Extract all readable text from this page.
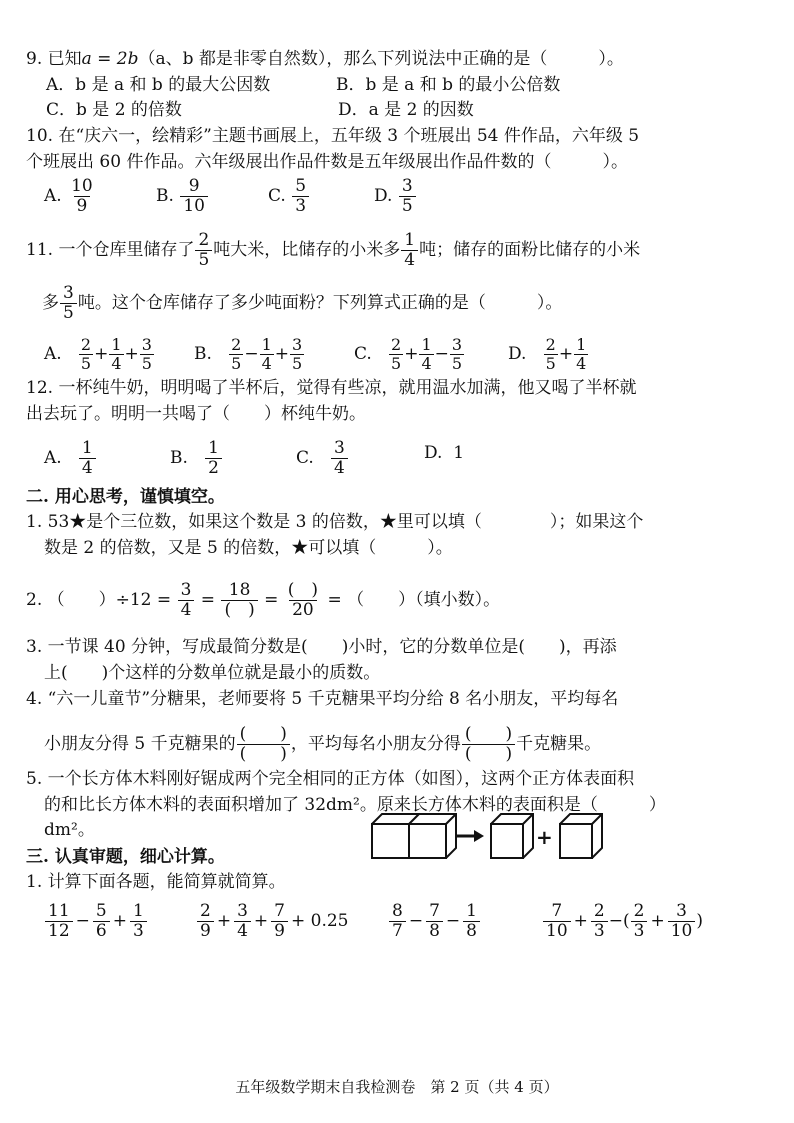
9. 已知a = 2b（a、b 都是非零自然数），那么下列说法中正确的是（　　　）。
A．b 是 a 和 b 的最大公因数	B．b 是 a 和 b 的最小公倍数
C．b 是 2 的倍数	D．a 是 2 的因数
10. 在“庆六一，绘精彩”主题书画展上，五年级 3 个班展出 54 件作品，六年级 5
个班展出 60 件作品。六年级展出作品件数是五年级展出作品件数的（　　　）。
A. $\frac{10}{9}$	B. $\frac{9}{10}$	C. $\frac{5}{3}$	D. $\frac{3}{5}$
11. 一个仓库里储存了 $\frac{2}{5}$ 吨大米，比储存的小米多 $\frac{1}{4}$ 吨；储存的面粉比储存的小米
多 $\frac{3}{5}$ 吨。这个仓库储存了多少吨面粉？下列算式正确的是（　　　）。
A. $\frac{2}{5} + \frac{1}{4} + \frac{3}{5} B$. $\frac{2}{5} - \frac{1}{4} + \frac{3}{5}$	C. $\frac{2}{5} + \frac{1}{4} - \frac{3}{5}$	D. $\frac{2}{5} + \frac{1}{4}$
12. 一杯纯牛奶，明明喝了半杯后，觉得有些凉，就用温水加满，他又喝了半杯就
出去玩了。明明一共喝了（　　）杯纯牛奶。
A. $\frac{1}{4}$	B. $\frac{1}{2}$	C. $\frac{3}{4}$	D. 1
二. 用心思考，谨慎填空。
1. 53★是个三位数，如果这个数是 3 的倍数，★里可以填（　　　　）；如果这个
数是 2 的倍数，又是 5 的倍数，★可以填（　　　）。
2. （　　）$\div 12 = \frac{3}{4} = 18$
(　) = (　)
20 = （　　）（填小数）。
3. 一节课 40 分钟，写成最简分数是(　　)小时，它的分数单位是(　　)，再添
上(　　)个这样的分数单位就是最小的质数。
4. “六一儿童节”分糖果，老师要将 5 千克糖果平均分给 8 名小朋友，平均每名
小朋友分得 5 千克糖果的 (　　)
(　　) ，平均每名小朋友分得 (　　)
(　　) 千克糖果。
5. 一个长方体木料刚好锯成两个完全相同的正方体（如图），这两个正方体表面积
的和比长方体木料的表面积增加了 32dm²。原来长方体木料的表面积是（　　　）
dm²。	+
三. 认真审题，细心计算。
1. 计算下面各题，能简算就简算。
$\frac{11}{12} - \frac{5}{6} + \frac{1}{3}$	$\frac{2}{9} + \frac{3}{4} + \frac{7}{9} + 0.25 \frac{8}{7} - \frac{7}{8} - \frac{1}{8}$	$\frac{7}{10} + \frac{2}{3}$ −( $\frac{2}{3} + \frac{3}{10}$ )
五年级数学期末自我检测卷　第 2 页（共 4 页）
